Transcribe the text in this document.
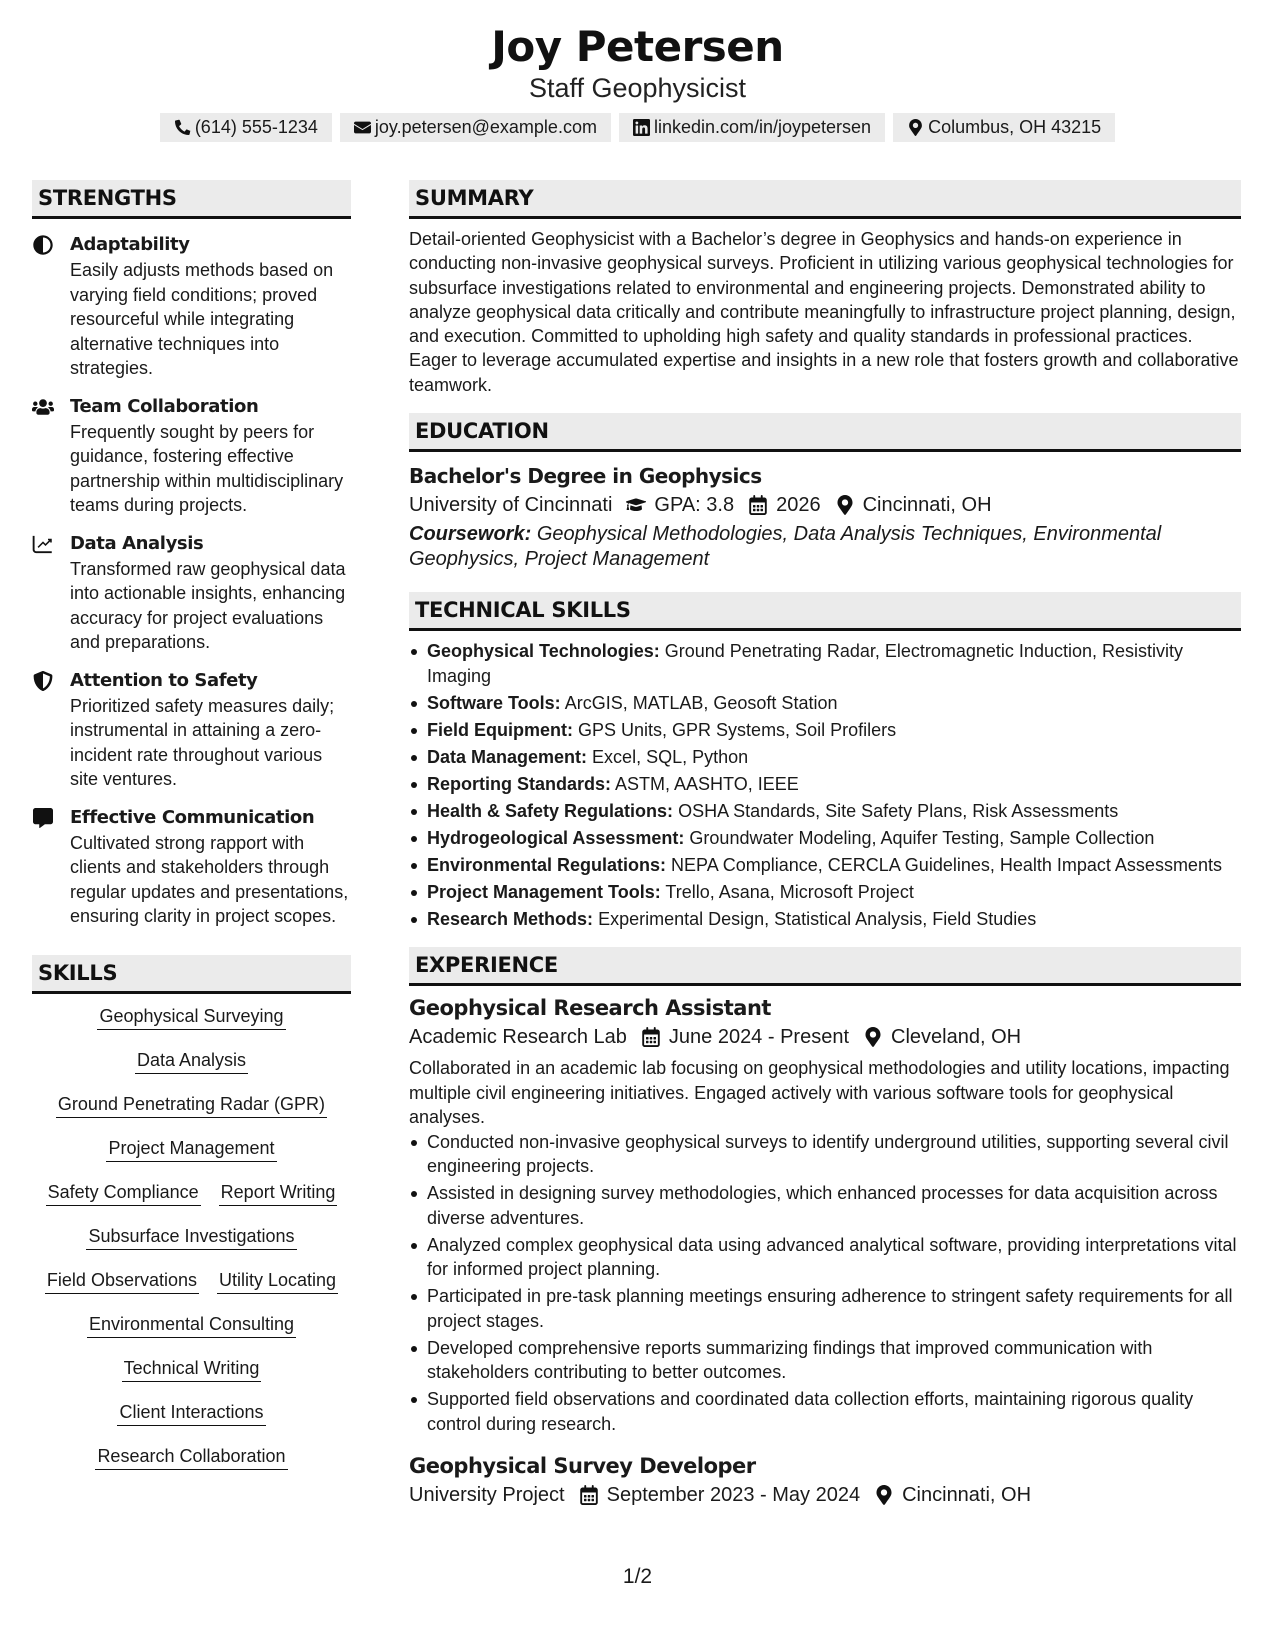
Joy Petersen
Staff Geophysicist
(614) 555-1234	joy.petersen@example.com	linkedin.com/in/joypetersen	Columbus, OH 43215
STRENGTHS
Adaptability
Easily adjusts methods based on varying field conditions; proved resourceful while integrating alternative techniques into strategies.
Team Collaboration
Frequently sought by peers for guidance, fostering effective partnership within multidisciplinary teams during projects.
Data Analysis
Transformed raw geophysical data into actionable insights, enhancing accuracy for project evaluations and preparations.
Attention to Safety
Prioritized safety measures daily; instrumental in attaining a zero-incident rate throughout various site ventures.
Effective Communication
Cultivated strong rapport with clients and stakeholders through regular updates and presentations, ensuring clarity in project scopes.
SKILLS
Geophysical Surveying
Data Analysis
Ground Penetrating Radar (GPR)
Project Management
Safety Compliance Report Writing
Subsurface Investigations
Field Observations Utility Locating
Environmental Consulting
Technical Writing
Client Interactions
Research Collaboration
SUMMARY
Detail-oriented Geophysicist with a Bachelor’s degree in Geophysics and hands-on experience in conducting non-invasive geophysical surveys. Proficient in utilizing various geophysical technologies for subsurface investigations related to environmental and engineering projects. Demonstrated ability to analyze geophysical data critically and contribute meaningfully to infrastructure project planning, design, and execution. Committed to upholding high safety and quality standards in professional practices. Eager to leverage accumulated expertise and insights in a new role that fosters growth and collaborative teamwork.
EDUCATION
Bachelor's Degree in Geophysics
University of Cincinnati GPA: 3.8 2026 Cincinnati, OH
Coursework: Geophysical Methodologies, Data Analysis Techniques, Environmental Geophysics, Project Management
TECHNICAL SKILLS
Geophysical Technologies: Ground Penetrating Radar, Electromagnetic Induction, Resistivity Imaging
Software Tools: ArcGIS, MATLAB, Geosoft Station
Field Equipment: GPS Units, GPR Systems, Soil Profilers
Data Management: Excel, SQL, Python
Reporting Standards: ASTM, AASHTO, IEEE
Health & Safety Regulations: OSHA Standards, Site Safety Plans, Risk Assessments
Hydrogeological Assessment: Groundwater Modeling, Aquifer Testing, Sample Collection
Environmental Regulations: NEPA Compliance, CERCLA Guidelines, Health Impact Assessments
Project Management Tools: Trello, Asana, Microsoft Project
Research Methods: Experimental Design, Statistical Analysis, Field Studies
EXPERIENCE
Geophysical Research Assistant
Academic Research Lab June 2024 - Present Cleveland, OH
Collaborated in an academic lab focusing on geophysical methodologies and utility locations, impacting multiple civil engineering initiatives. Engaged actively with various software tools for geophysical analyses.
Conducted non-invasive geophysical surveys to identify underground utilities, supporting several civil engineering projects.
Assisted in designing survey methodologies, which enhanced processes for data acquisition across diverse adventures.
Analyzed complex geophysical data using advanced analytical software, providing interpretations vital for informed project planning.
Participated in pre-task planning meetings ensuring adherence to stringent safety requirements for all project stages.
Developed comprehensive reports summarizing findings that improved communication with stakeholders contributing to better outcomes.
Supported field observations and coordinated data collection efforts, maintaining rigorous quality control during research.
Geophysical Survey Developer
University Project September 2023 - May 2024 Cincinnati, OH
1/2
